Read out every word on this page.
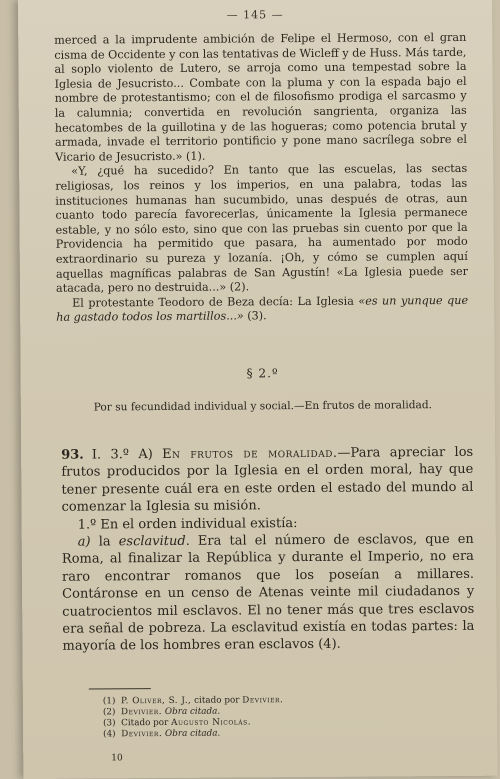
— 145 —

merced a la imprudente ambición de Felipe el Hermoso, con el gran cisma de Occidente y con las tentativas de Wicleff y de Huss. Más tarde, al soplo violento de Lutero, se arroja como una tempestad sobre la Iglesia de Jesucristo... Combate con la pluma y con la espada bajo el nombre de protestantismo; con el de filosofismo prodiga el sarcasmo y la calumnia; convertida en revolución sangrienta, organiza las hecatombes de la guillotina y de las hogueras; como potencia brutal y armada, invade el territorio pontificio y pone mano sacrílega sobre el Vicario de Jesucristo.» (1).

«Y, ¿qué ha sucedido? En tanto que las escuelas, las sectas religiosas, los reinos y los imperios, en una palabra, todas las instituciones humanas han sucumbido, unas después de otras, aun cuanto todo parecía favorecerlas, únicamente la Iglesia permanece estable, y no sólo esto, sino que con las pruebas sin cuento por que la Providencia ha permitido que pasara, ha aumentado por modo extraordinario su pureza y lozanía. ¡Oh, y cómo se cumplen aquí aquellas magníficas palabras de San Agustín! «La Iglesia puede ser atacada, pero no destruida...» (2).

El protestante Teodoro de Beza decía: La Iglesia «es un yunque que ha gastado todos los martillos...» (3).

§ 2.º
Por su fecundidad individual y social.—En frutos de moralidad.

93. I. 3.º A) En frutos de moralidad.—Para apreciar los frutos producidos por la Iglesia en el orden moral, hay que tener presente cuál era en este orden el estado del mundo al comenzar la Iglesia su misión.

1.º En el orden individual existía:

a) la esclavitud. Era tal el número de esclavos, que en Roma, al finalizar la República y durante el Imperio, no era raro encontrar romanos que los poseían a millares. Contáronse en un censo de Atenas veinte mil ciudadanos y cuatrocientos mil esclavos. El no tener más que tres esclavos era señal de pobreza. La esclavitud existía en todas partes: la mayoría de los hombres eran esclavos (4).

(1) P. Oliver, S. J., citado por Devivier.
(2) Devivier. Obra citada.
(3) Citado por Augusto Nicolás.
(4) Devivier. Obra citada.
10
